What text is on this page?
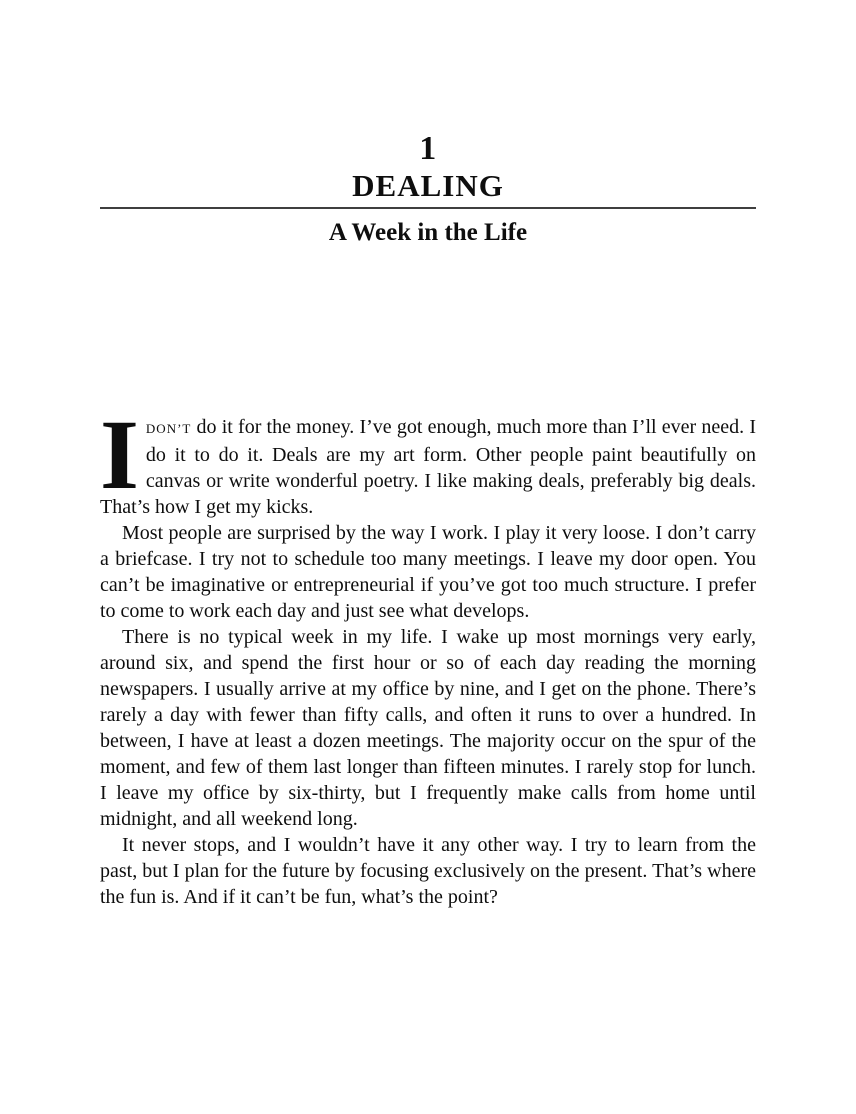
1
DEALING
A Week in the Life

I DON’T do it for the money. I’ve got enough, much more than I’ll ever need. I do it to do it. Deals are my art form. Other people paint beautifully on canvas or write wonderful poetry. I like making deals, preferably big deals. That’s how I get my kicks.

Most people are surprised by the way I work. I play it very loose. I don’t carry a briefcase. I try not to schedule too many meetings. I leave my door open. You can’t be imaginative or entrepreneurial if you’ve got too much structure. I prefer to come to work each day and just see what develops.

There is no typical week in my life. I wake up most mornings very early, around six, and spend the first hour or so of each day reading the morning newspapers. I usually arrive at my office by nine, and I get on the phone. There’s rarely a day with fewer than fifty calls, and often it runs to over a hundred. In between, I have at least a dozen meetings. The majority occur on the spur of the moment, and few of them last longer than fifteen minutes. I rarely stop for lunch. I leave my office by six-thirty, but I frequently make calls from home until midnight, and all weekend long.

It never stops, and I wouldn’t have it any other way. I try to learn from the past, but I plan for the future by focusing exclusively on the present. That’s where the fun is. And if it can’t be fun, what’s the point?
